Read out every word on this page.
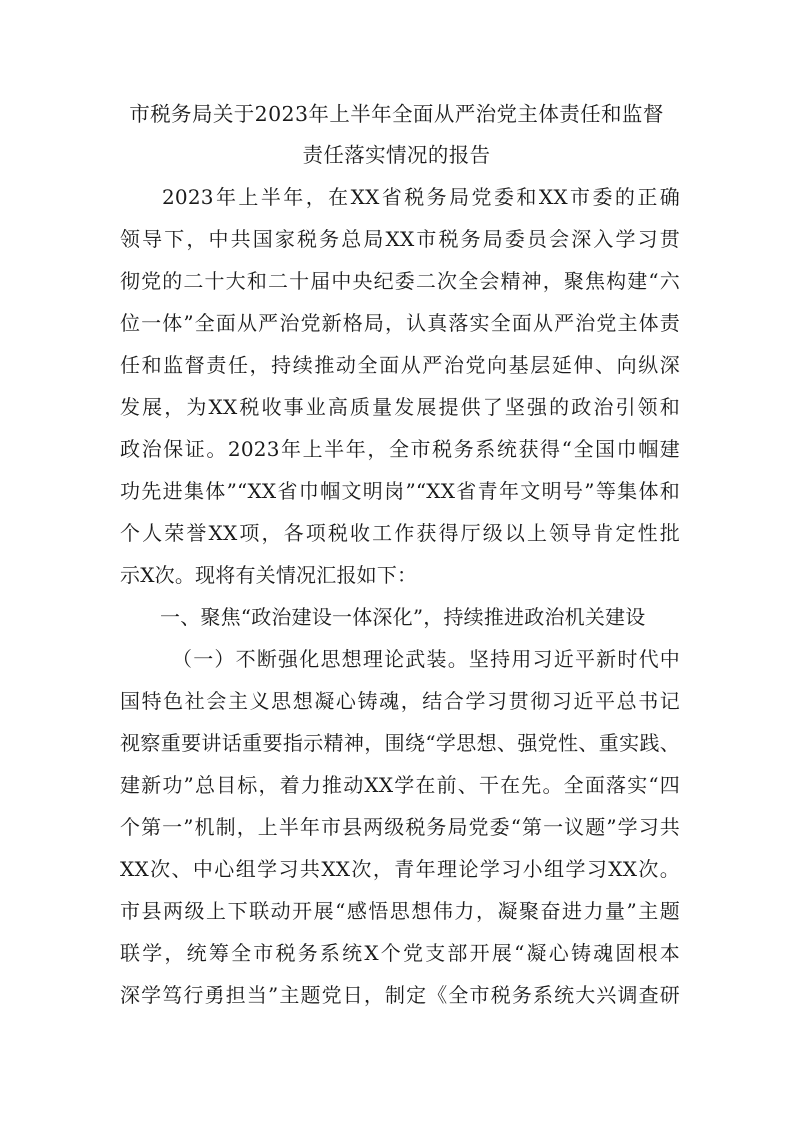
市税务局关于2023年上半年全面从严治党主体责任和监督
责任落实情况的报告
2023年上半年，在XX省税务局党委和XX市委的正确
领导下，中共国家税务总局XX市税务局委员会深入学习贯
彻党的二十大和二十届中央纪委二次全会精神，聚焦构建“六
位一体”全面从严治党新格局，认真落实全面从严治党主体责
任和监督责任，持续推动全面从严治党向基层延伸、向纵深
发展，为XX税收事业高质量发展提供了坚强的政治引领和
政治保证。2023年上半年，全市税务系统获得“全国巾帼建
功先进集体”“XX省巾帼文明岗”“XX省青年文明号”等集体和
个人荣誉XX项，各项税收工作获得厅级以上领导肯定性批
示X次。现将有关情况汇报如下：
一、聚焦“政治建设一体深化”，持续推进政治机关建设
（一）不断强化思想理论武装。坚持用习近平新时代中
国特色社会主义思想凝心铸魂，结合学习贯彻习近平总书记
视察重要讲话重要指示精神，围绕“学思想、强党性、重实践、
建新功”总目标，着力推动XX学在前、干在先。全面落实“四
个第一”机制，上半年市县两级税务局党委“第一议题”学习共
XX次、中心组学习共XX次，青年理论学习小组学习XX次。
市县两级上下联动开展“感悟思想伟力，凝聚奋进力量”主题
联学，统筹全市税务系统X个党支部开展“凝心铸魂固根本
深学笃行勇担当”主题党日，制定《全市税务系统大兴调查研
